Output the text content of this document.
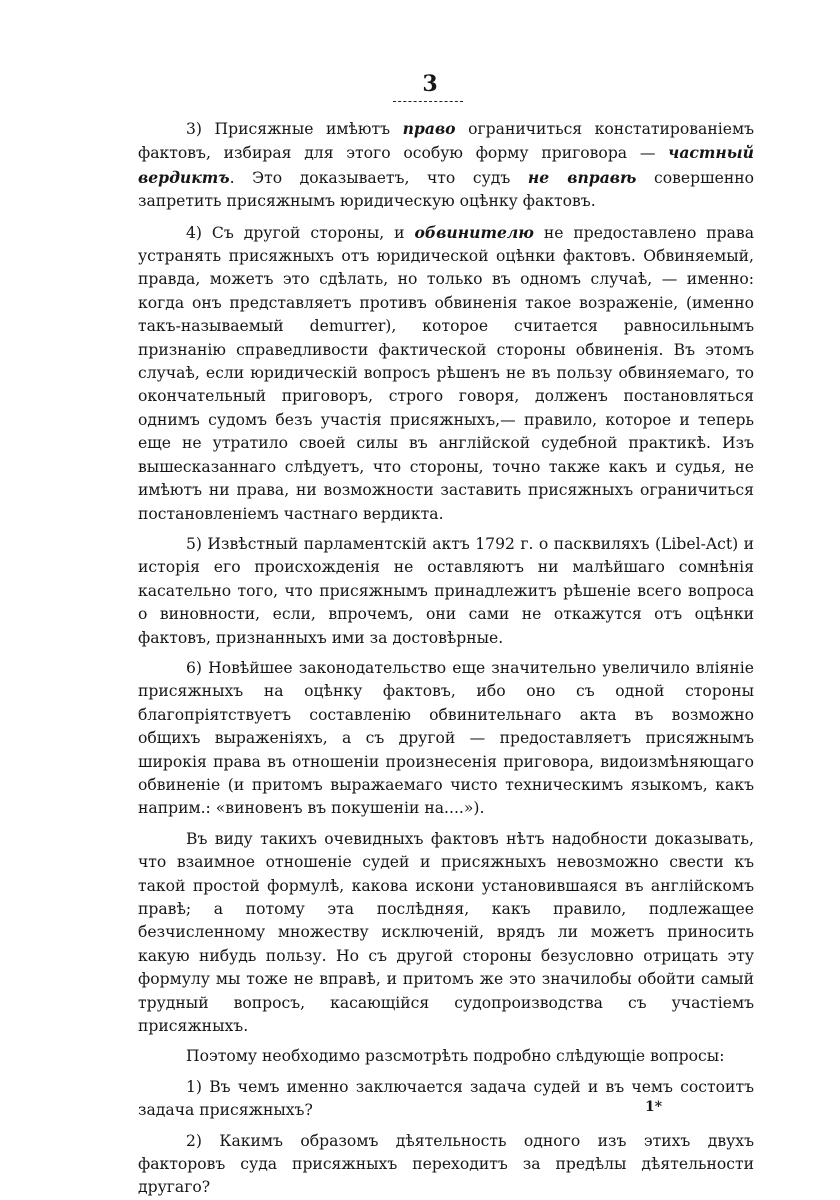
3

3) Присяжные имѣютъ право ограничиться констатированіемъ фактовъ, избирая для этого особую форму приговора — частный вердиктъ. Это доказываетъ, что судъ не вправѣ совершенно запретить присяжнымъ юридическую оцѣнку фактовъ.

4) Съ другой стороны, и обвинителю не предоставлено права устранять присяжныхъ отъ юридической оцѣнки фактовъ. Обвиняемый, правда, можетъ это сдѣлать, но только въ одномъ случаѣ, — именно: когда онъ представляетъ противъ обвиненія такое возраженіе, (именно такъ-называемый demurrer), которое считается равносильнымъ признанію справедливости фактической стороны обвиненія. Въ этомъ случаѣ, если юридическій вопросъ рѣшенъ не въ пользу обвиняемаго, то окончательный приговоръ, строго говоря, долженъ постановляться однимъ судомъ безъ участія присяжныхъ,— правило, которое и теперь еще не утратило своей силы въ англійской судебной практикѣ. Изъ вышесказаннаго слѣдуетъ, что стороны, точно также какъ и судья, не имѣютъ ни права, ни возможности заставить присяжныхъ ограничиться постановленіемъ частнаго вердикта.

5) Извѣстный парламентскій актъ 1792 г. о пасквиляхъ (Libel-Act) и исторія его происхожденія не оставляютъ ни малѣйшаго сомнѣнія касательно того, что присяжнымъ принадлежитъ рѣшеніе всего вопроса о виновности, если, впрочемъ, они сами не откажутся отъ оцѣнки фактовъ, признанныхъ ими за достовѣрные.

6) Новѣйшее законодательство еще значительно увеличило вліяніе присяжныхъ на оцѣнку фактовъ, ибо оно съ одной стороны благопріятствуетъ составленію обвинительнаго акта въ возможно общихъ выраженіяхъ, а съ другой — предоставляетъ присяжнымъ широкія права въ отношеніи произнесенія приговора, видоизмѣняющаго обвиненіе (и притомъ выражаемаго чисто техническимъ языкомъ, какъ наприм.: «виновенъ въ покушеніи на....»).

Въ виду такихъ очевидныхъ фактовъ нѣтъ надобности доказывать, что взаимное отношеніе судей и присяжныхъ невозможно свести къ такой простой формулѣ, какова искони установившаяся въ англійскомъ правѣ; а потому эта послѣдняя, какъ правило, подлежащее безчисленному множеству исключеній, врядъ ли можетъ приносить какую нибудь пользу. Но съ другой стороны безусловно отрицать эту формулу мы тоже не вправѣ, и притомъ же это значилобы обойти самый трудный вопросъ, касающійся судопроизводства съ участіемъ присяжныхъ.

Поэтому необходимо разсмотрѣть подробно слѣдующіе вопросы:

1) Въ чемъ именно заключается задача судей и въ чемъ состоитъ задача присяжныхъ?

2) Какимъ образомъ дѣятельность одного изъ этихъ двухъ факторовъ суда присяжныхъ переходитъ за предѣлы дѣятельности другаго?

1*
